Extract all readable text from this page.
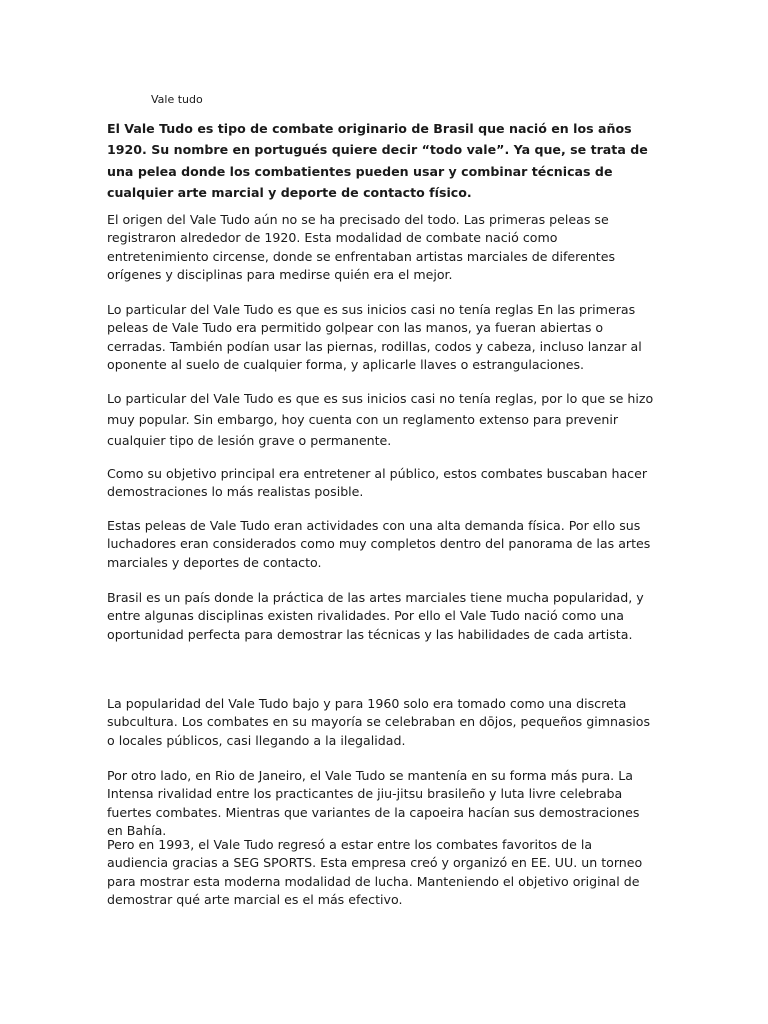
Vale tudo

El Vale Tudo es tipo de combate originario de Brasil que nació en los años 1920. Su nombre en portugués quiere decir “todo vale”. Ya que, se trata de una pelea donde los combatientes pueden usar y combinar técnicas de cualquier arte marcial y deporte de contacto físico.

El origen del Vale Tudo aún no se ha precisado del todo. Las primeras peleas se registraron alrededor de 1920. Esta modalidad de combate nació como entretenimiento circense, donde se enfrentaban artistas marciales de diferentes orígenes y disciplinas para medirse quién era el mejor.

Lo particular del Vale Tudo es que es sus inicios casi no tenía reglas En las primeras peleas de Vale Tudo era permitido golpear con las manos, ya fueran abiertas o cerradas. También podían usar las piernas, rodillas, codos y cabeza, incluso lanzar al oponente al suelo de cualquier forma, y aplicarle llaves o estrangulaciones.

Lo particular del Vale Tudo es que es sus inicios casi no tenía reglas, por lo que se hizo muy popular. Sin embargo, hoy cuenta con un reglamento extenso para prevenir cualquier tipo de lesión grave o permanente.

Como su objetivo principal era entretener al público, estos combates buscaban hacer demostraciones lo más realistas posible.

Estas peleas de Vale Tudo eran actividades con una alta demanda física. Por ello sus luchadores eran considerados como muy completos dentro del panorama de las artes marciales y deportes de contacto.

Brasil es un país donde la práctica de las artes marciales tiene mucha popularidad, y entre algunas disciplinas existen rivalidades. Por ello el Vale Tudo nació como una oportunidad perfecta para demostrar las técnicas y las habilidades de cada artista.

La popularidad del Vale Tudo bajo y para 1960 solo era tomado como una discreta subcultura. Los combates en su mayoría se celebraban en dōjos, pequeños gimnasios o locales públicos, casi llegando a la ilegalidad.

Por otro lado, en Rio de Janeiro, el Vale Tudo se mantenía en su forma más pura. La Intensa rivalidad entre los practicantes de jiu-jitsu brasileño y luta livre celebraba fuertes combates. Mientras que variantes de la capoeira hacían sus demostraciones en Bahía.

Pero en 1993, el Vale Tudo regresó a estar entre los combates favoritos de la audiencia gracias a SEG SPORTS. Esta empresa creó y organizó en EE. UU. un torneo para mostrar esta moderna modalidad de lucha. Manteniendo el objetivo original de demostrar qué arte marcial es el más efectivo.
